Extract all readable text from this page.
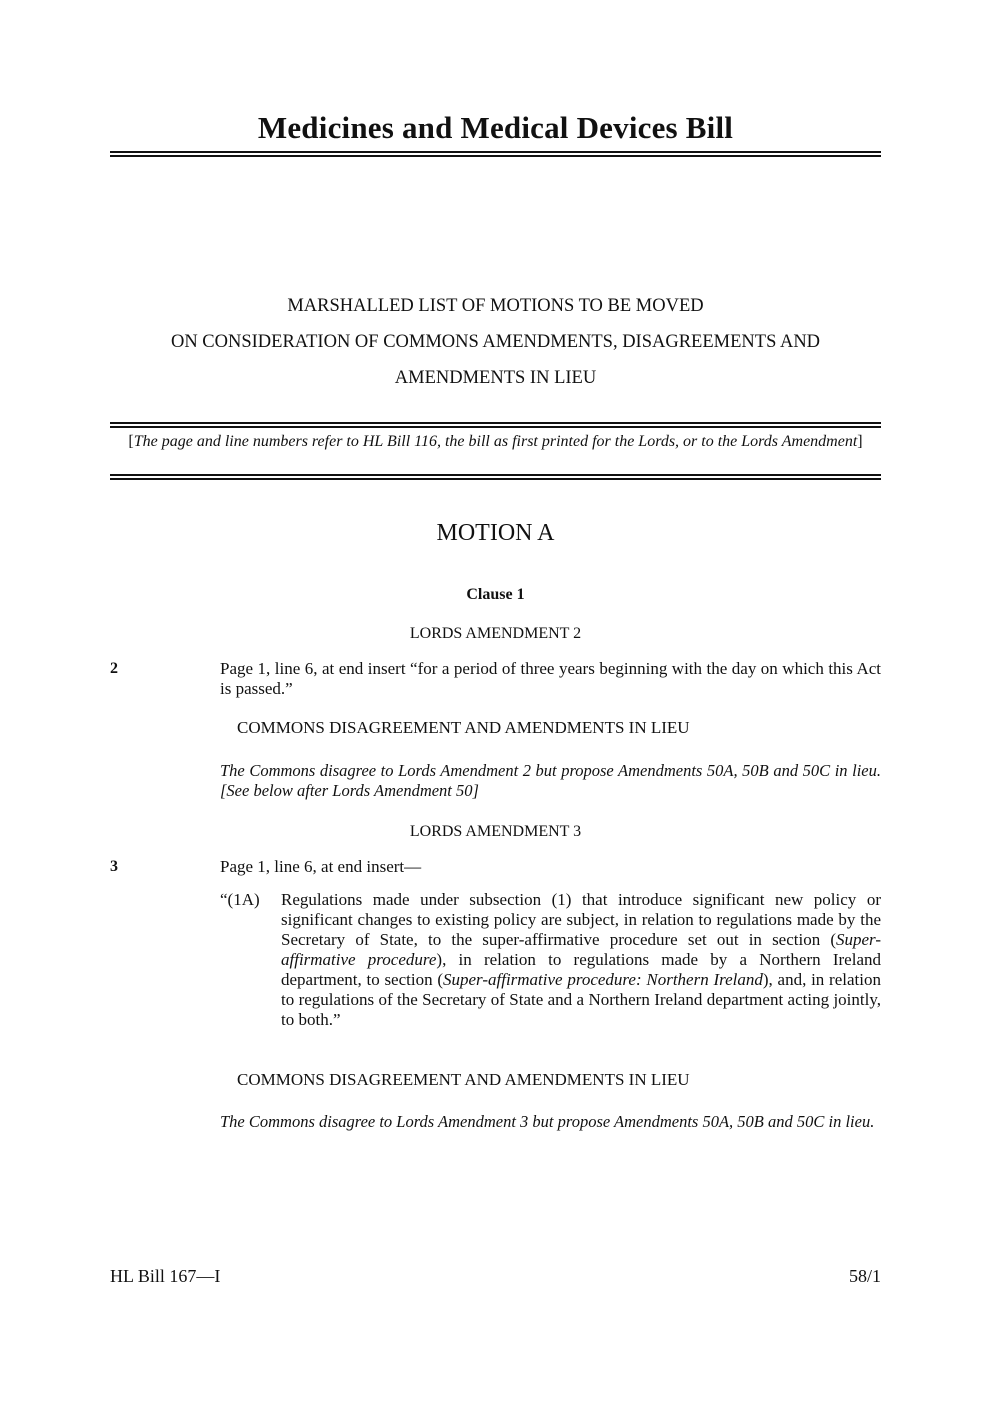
Medicines and Medical Devices Bill
MARSHALLED LIST OF MOTIONS TO BE MOVED
ON CONSIDERATION OF COMMONS AMENDMENTS, DISAGREEMENTS AND
AMENDMENTS IN LIEU
[The page and line numbers refer to HL Bill 116, the bill as first printed for the Lords, or to the Lords Amendment]
MOTION A
Clause 1
LORDS AMENDMENT 2
2	Page 1, line 6, at end insert “for a period of three years beginning with the day on which this Act is passed.”
COMMONS DISAGREEMENT AND AMENDMENTS IN LIEU
The Commons disagree to Lords Amendment 2 but propose Amendments 50A, 50B and 50C in lieu. [See below after Lords Amendment 50]
LORDS AMENDMENT 3
3	Page 1, line 6, at end insert—
“(1A) Regulations made under subsection (1) that introduce significant new policy or significant changes to existing policy are subject, in relation to regulations made by the Secretary of State, to the super-affirmative procedure set out in section (Super-affirmative procedure), in relation to regulations made by a Northern Ireland department, to section (Super-affirmative procedure: Northern Ireland), and, in relation to regulations of the Secretary of State and a Northern Ireland department acting jointly, to both.”
COMMONS DISAGREEMENT AND AMENDMENTS IN LIEU
The Commons disagree to Lords Amendment 3 but propose Amendments 50A, 50B and 50C in lieu.
HL Bill 167—I	58/1
